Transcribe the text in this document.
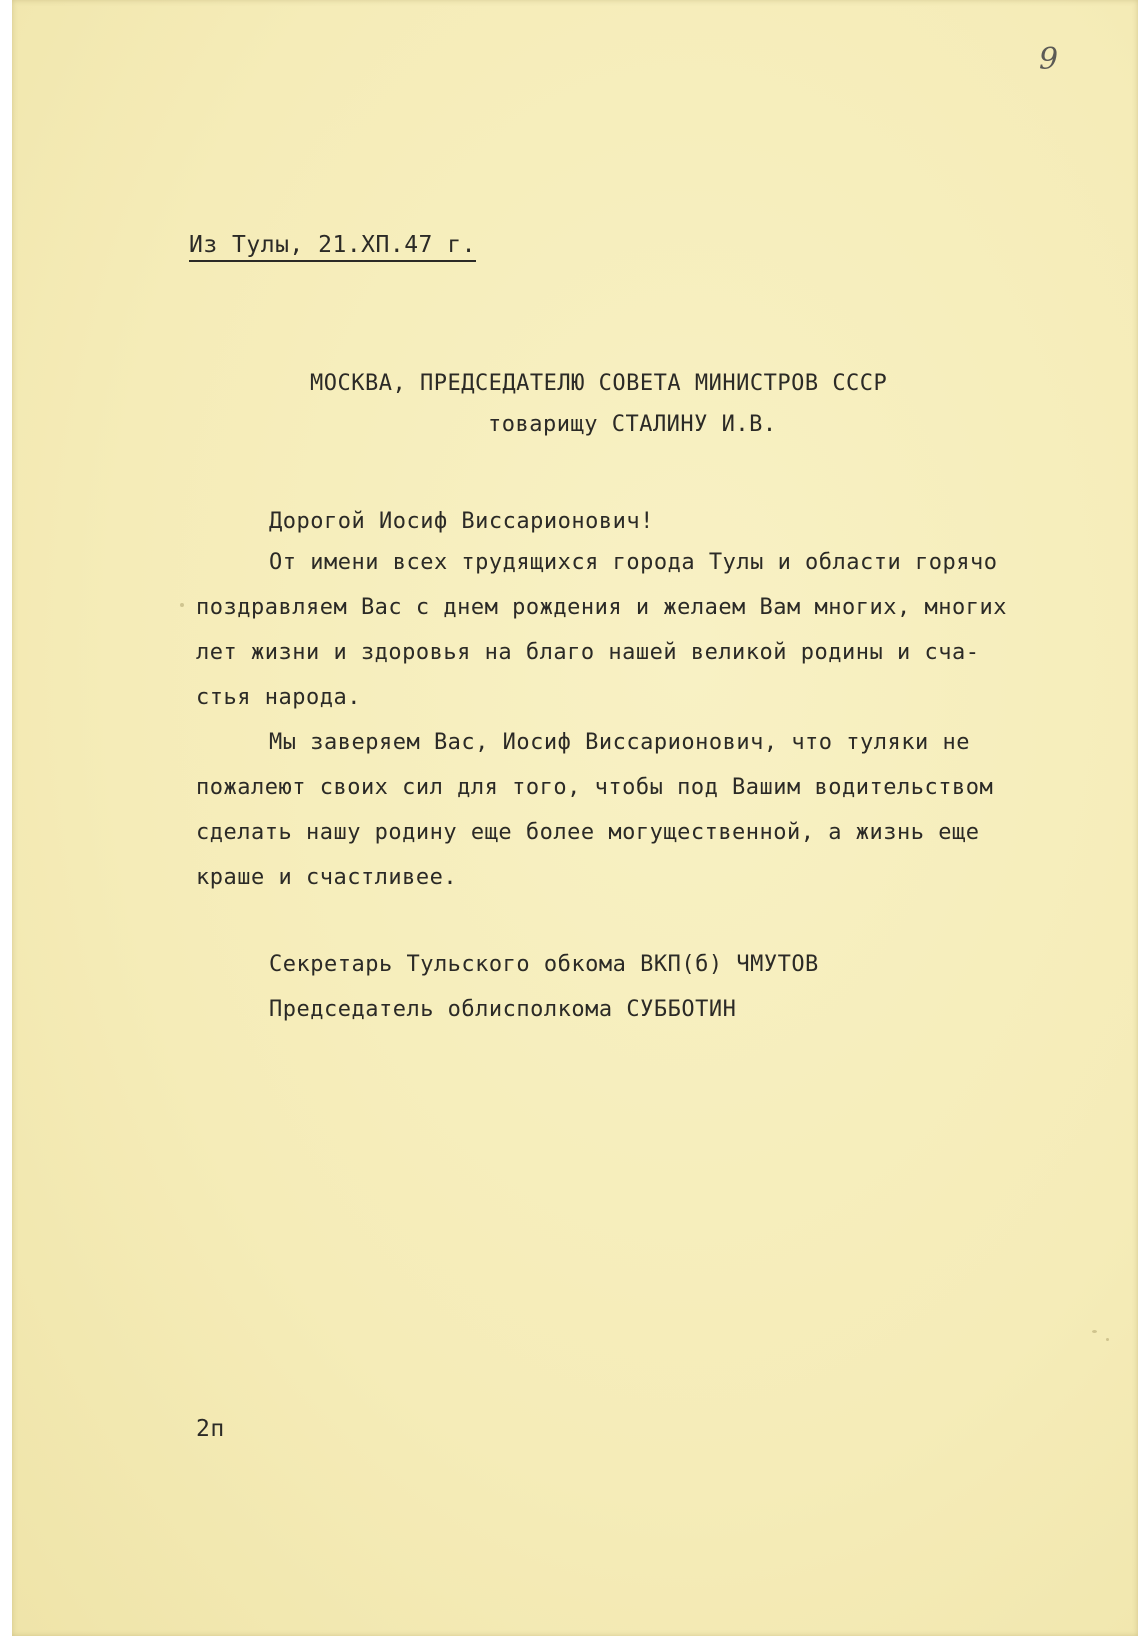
9
Из Тулы, 21.ХП.47 г.
МОСКВА, ПРЕДСЕДАТЕЛЮ СОВЕТА МИНИСТРОВ СССР
товарищу СТАЛИНУ И.В.
Дорогой Иосиф Виссарионович!
От имени всех трудящихся города Тулы и области горячо
поздравляем Вас с днем рождения и желаем Вам многих, многих
лет жизни и здоровья на благо нашей великой родины и сча-
стья народа.
Мы заверяем Вас, Иосиф Виссарионович, что туляки не
пожалеют своих сил для того, чтобы под Вашим водительством
сделать нашу родину еще более могущественной, а жизнь еще
краше и счастливее.
Секретарь Тульского обкома ВКП(б) ЧМУТОВ
Председатель облисполкома СУББОТИН
2п
